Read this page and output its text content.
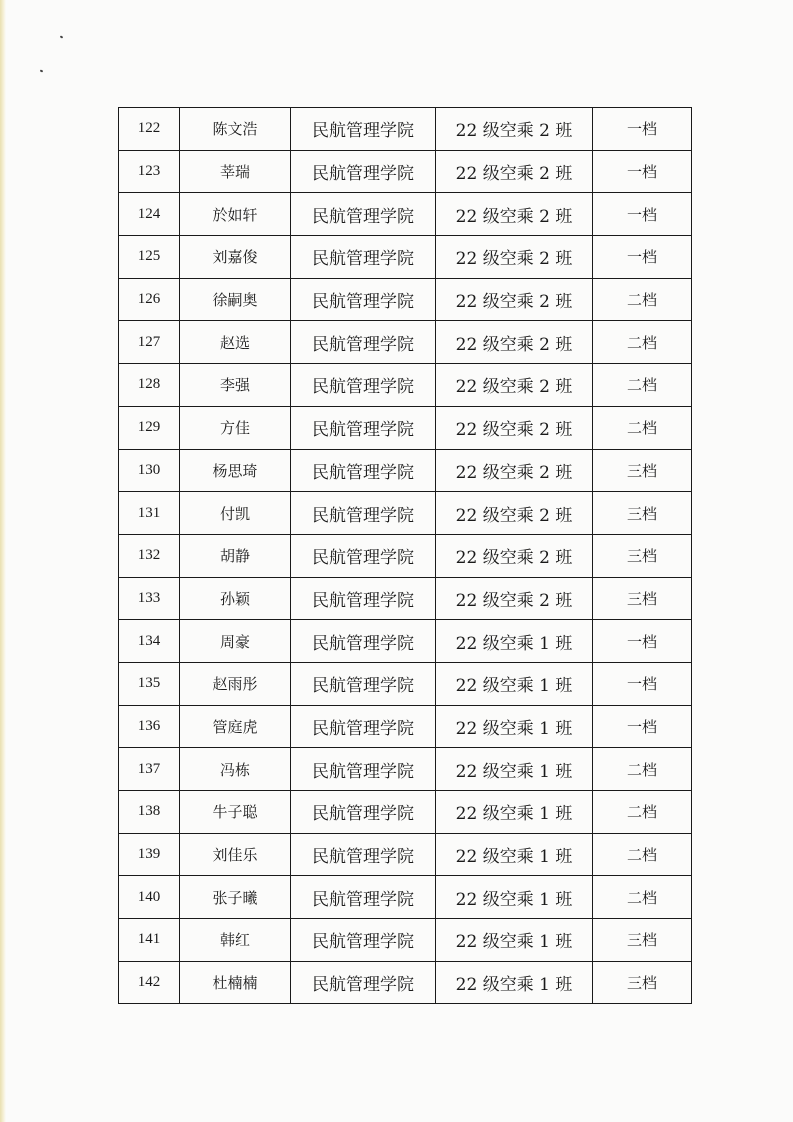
122	陈文浩	民航管理学院	22 级空乘 2 班	一档
123	莘瑞	民航管理学院	22 级空乘 2 班	一档
124	於如轩	民航管理学院	22 级空乘 2 班	一档
125	刘嘉俊	民航管理学院	22 级空乘 2 班	一档
126	徐嗣奥	民航管理学院	22 级空乘 2 班	二档
127	赵选	民航管理学院	22 级空乘 2 班	二档
128	李强	民航管理学院	22 级空乘 2 班	二档
129	方佳	民航管理学院	22 级空乘 2 班	二档
130	杨思琦	民航管理学院	22 级空乘 2 班	三档
131	付凯	民航管理学院	22 级空乘 2 班	三档
132	胡静	民航管理学院	22 级空乘 2 班	三档
133	孙颖	民航管理学院	22 级空乘 2 班	三档
134	周豪	民航管理学院	22 级空乘 1 班	一档
135	赵雨彤	民航管理学院	22 级空乘 1 班	一档
136	管庭虎	民航管理学院	22 级空乘 1 班	一档
137	冯栋	民航管理学院	22 级空乘 1 班	二档
138	牛子聪	民航管理学院	22 级空乘 1 班	二档
139	刘佳乐	民航管理学院	22 级空乘 1 班	二档
140	张子曦	民航管理学院	22 级空乘 1 班	二档
141	韩红	民航管理学院	22 级空乘 1 班	三档
142	杜楠楠	民航管理学院	22 级空乘 1 班	三档
